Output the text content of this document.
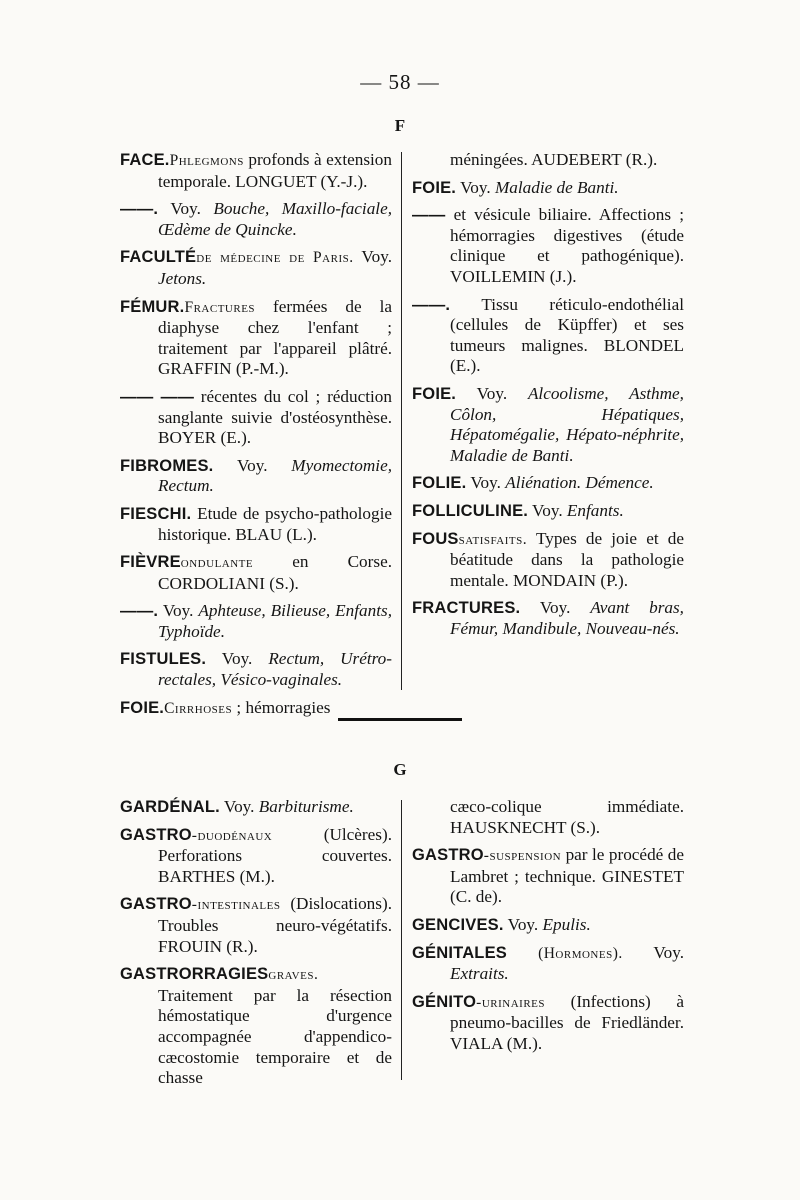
— 58 —
F
FACE.Phlegmons profonds à extension temporale. LONGUET (Y.-J.).
——. Voy. Bouche, Maxillo-faciale, Œdème de Quincke.
FACULTÉde médecine de Paris. Voy. Jetons.
FÉMUR.Fractures fermées de la diaphyse chez l'enfant ; traitement par l'appareil plâtré. GRAFFIN (P.-M.).
—— —— récentes du col ; réduction sanglante suivie d'ostéosynthèse. BOYER (E.).
FIBROMES. Voy. Myomectomie, Rectum.
FIESCHI. Etude de psycho-pathologie historique. BLAU (L.).
FIÈVREondulante en Corse. CORDOLIANI (S.).
——. Voy. Aphteuse, Bilieuse, Enfants, Typhoïde.
FISTULES. Voy. Rectum, Urétro-rectales, Vésico-vaginales.
FOIE.Cirrhoses ; hémorragies
méningées. AUDEBERT (R.).
FOIE. Voy. Maladie de Banti.
—— et vésicule biliaire. Affections ; hémorragies digestives (étude clinique et pathogénique). VOILLEMIN (J.).
——. Tissu réticulo-endothélial (cellules de Küpffer) et ses tumeurs malignes. BLONDEL (E.).
FOIE. Voy. Alcoolisme, Asthme, Côlon, Hépatiques, Hépatomégalie, Hépato-néphrite, Maladie de Banti.
FOLIE. Voy. Aliénation. Démence.
FOLLICULINE. Voy. Enfants.
FOUSsatisfaits. Types de joie et de béatitude dans la pathologie mentale. MONDAIN (P.).
FRACTURES. Voy. Avant bras, Fémur, Mandibule, Nouveau-nés.
G
GARDÉNAL. Voy. Barbiturisme.
GASTRO-duodénaux (Ulcères). Perforations couvertes. BARTHES (M.).
GASTRO-intestinales (Dislocations). Troubles neuro-végétatifs. FROUIN (R.).
GASTRORRAGIESgraves. Traitement par la résection hémostatique d'urgence accompagnée d'appendico-cæcostomie temporaire et de chasse
cæco-colique immédiate. HAUSKNECHT (S.).
GASTRO-suspension par le procédé de Lambret ; technique. GINESTET (C. de).
GENCIVES. Voy. Epulis.
GÉNITALES (Hormones). Voy. Extraits.
GÉNITO-urinaires (Infections) à pneumo-bacilles de Friedländer. VIALA (M.).
